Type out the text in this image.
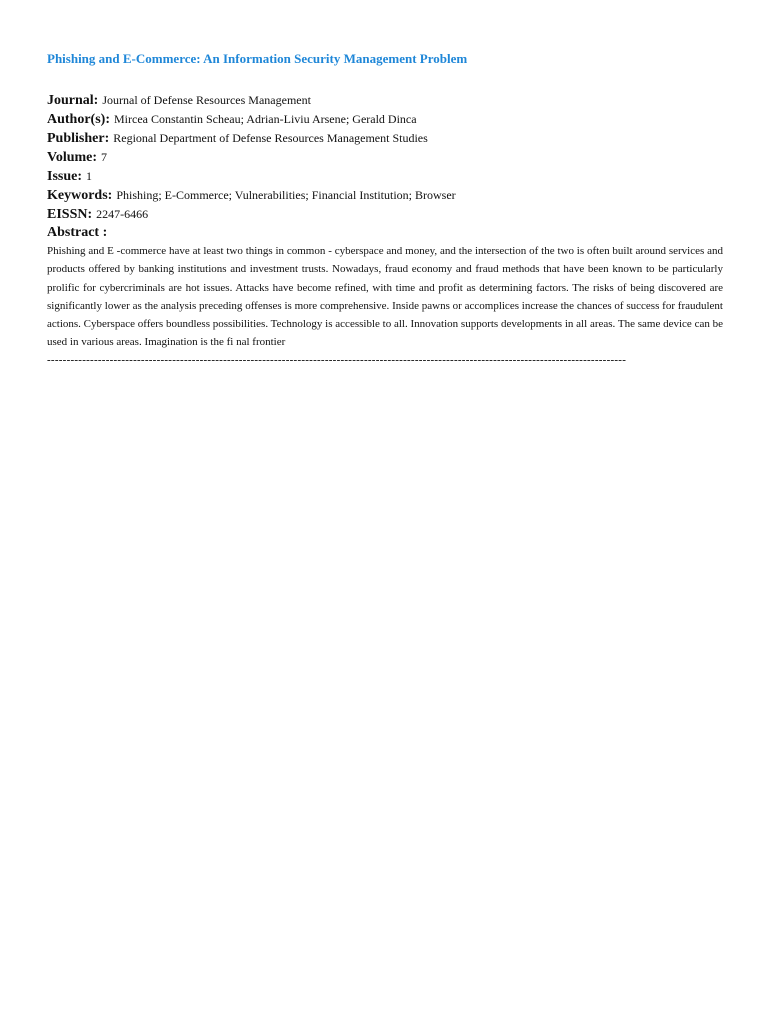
Phishing and E-Commerce: An Information Security Management Problem
Journal: Journal of Defense Resources Management
Author(s): Mircea Constantin Scheau; Adrian-Liviu Arsene; Gerald Dinca
Publisher: Regional Department of Defense Resources Management Studies
Volume: 7
Issue: 1
Keywords: Phishing; E-Commerce; Vulnerabilities; Financial Institution; Browser
EISSN: 2247-6466
Abstract :

Phishing and E -commerce have at least two things in common - cyberspace and money, and the intersection of the two is often built around services and products offered by banking institutions and investment trusts. Nowadays, fraud economy and fraud methods that have been known to be particularly prolific for cybercriminals are hot issues. Attacks have become refined, with time and profit as determining factors. The risks of being discovered are significantly lower as the analysis preceding offenses is more comprehensive. Inside pawns or accomplices increase the chances of success for fraudulent actions. Cyberspace offers boundless possibilities. Technology is accessible to all. Innovation supports developments in all areas. The same device can be used in various areas. Imagination is the fi nal frontier

----------------------------------------------------------------------------------------------------------------------------------------------------
